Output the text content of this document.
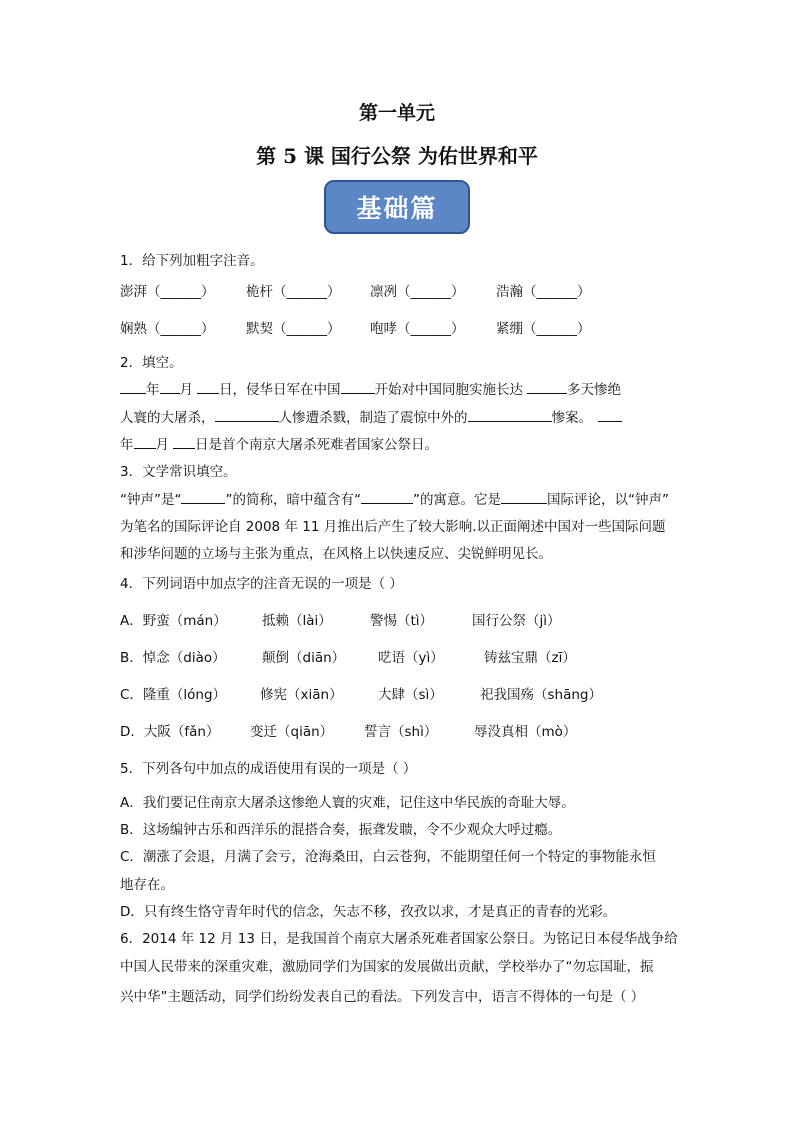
第一单元
第 5 课 国行公祭 为佑世界和平
基础篇
1．给下列加粗字注音。
澎湃（______） 桅杆（______） 凛冽（______） 浩瀚（______）
娴熟（______） 默契（______） 咆哮（______） 紧绷（______）
2．填空。
年 月 日，侵华日军在中国	开始对中国同胞实施长达	多天惨绝
人寰的大屠杀，	人惨遭杀戮，制造了震惊中外的	惨案。
年 月 日是首个南京大屠杀死难者国家公祭日。
3．文学常识填空。
“钟声”是“	”的简称，暗中蕴含有“	”的寓意。它是	国际评论，以“钟声”
为笔名的国际评论自 2008 年 11 月推出后产生了较大影响.以正面阐述中国对一些国际问题
和涉华问题的立场与主张为重点，在风格上以快速反应、尖锐鲜明见长。
4．下列词语中加点字的注音无误的一项是（ ）
A．野蛮（mán）	抵赖（lài）	警惕（tì）	国行公祭（jì）
B．悼念（diào）	颠倒（diān） 呓语（yì）	铸兹宝鼎（zī）
C．隆重（lóng）	修宪（xiān）	大肆（sì）	祀我国殇（shāng）
D．大阪（fǎn） 变迁（qiān） 誓言（shì）	辱没真相（mò）
5．下列各句中加点的成语使用有误的一项是（ ）
A．我们要记住南京大屠杀这惨绝人寰的灾难，记住这中华民族的奇耻大辱。
B．这场编钟古乐和西洋乐的混搭合奏，振聋发聩，令不少观众大呼过瘾。
C．潮涨了会退，月满了会亏，沧海桑田，白云苍狗，不能期望任何一个特定的事物能永恒
地存在。
D．只有终生恪守青年时代的信念，矢志不移，孜孜以求，才是真正的青春的光彩。
6．2014 年 12 月 13 日，是我国首个南京大屠杀死难者国家公祭日。为铭记日本侵华战争给
中国人民带来的深重灾难，激励同学们为国家的发展做出贡献，学校举办了“勿忘国耻，振
兴中华”主题活动，同学们纷纷发表自己的看法。下列发言中，语言不得体的一句是（ ）
